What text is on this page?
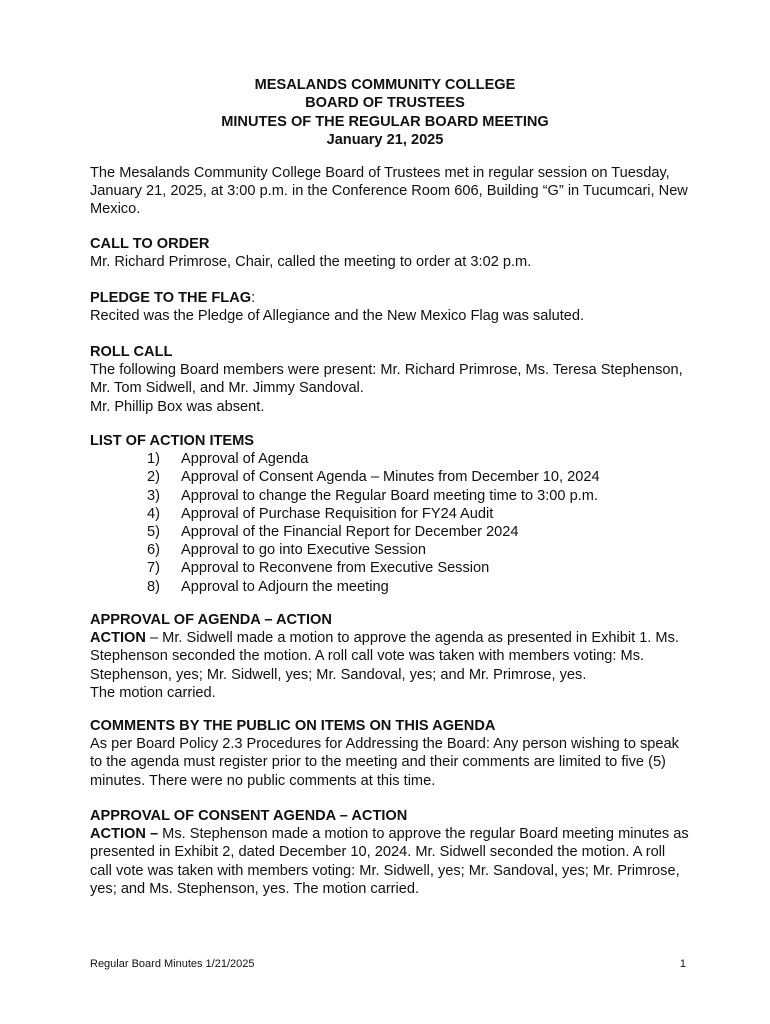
MESALANDS COMMUNITY COLLEGE
BOARD OF TRUSTEES
MINUTES OF THE REGULAR BOARD MEETING
January 21, 2025
The Mesalands Community College Board of Trustees met in regular session on Tuesday, January 21, 2025, at 3:00 p.m. in the Conference Room 606, Building “G” in Tucumcari, New Mexico.
CALL TO ORDER
Mr. Richard Primrose, Chair, called the meeting to order at 3:02 p.m.
PLEDGE TO THE FLAG:
Recited was the Pledge of Allegiance and the New Mexico Flag was saluted.
ROLL CALL
The following Board members were present: Mr. Richard Primrose, Ms. Teresa Stephenson, Mr. Tom Sidwell, and Mr. Jimmy Sandoval.
Mr. Phillip Box was absent.
LIST OF ACTION ITEMS
1) Approval of Agenda
2) Approval of Consent Agenda – Minutes from December 10, 2024
3) Approval to change the Regular Board meeting time to 3:00 p.m.
4) Approval of Purchase Requisition for FY24 Audit
5) Approval of the Financial Report for December 2024
6) Approval to go into Executive Session
7) Approval to Reconvene from Executive Session
8) Approval to Adjourn the meeting
APPROVAL OF AGENDA – ACTION
ACTION – Mr. Sidwell made a motion to approve the agenda as presented in Exhibit 1. Ms. Stephenson seconded the motion. A roll call vote was taken with members voting: Ms. Stephenson, yes; Mr. Sidwell, yes; Mr. Sandoval, yes; and Mr. Primrose, yes.
The motion carried.
COMMENTS BY THE PUBLIC ON ITEMS ON THIS AGENDA
As per Board Policy 2.3 Procedures for Addressing the Board: Any person wishing to speak to the agenda must register prior to the meeting and their comments are limited to five (5) minutes. There were no public comments at this time.
APPROVAL OF CONSENT AGENDA – ACTION
ACTION – Ms. Stephenson made a motion to approve the regular Board meeting minutes as presented in Exhibit 2, dated December 10, 2024. Mr. Sidwell seconded the motion. A roll call vote was taken with members voting: Mr. Sidwell, yes; Mr. Sandoval, yes; Mr. Primrose, yes; and Ms. Stephenson, yes. The motion carried.
Regular Board Minutes 1/21/2025	1
